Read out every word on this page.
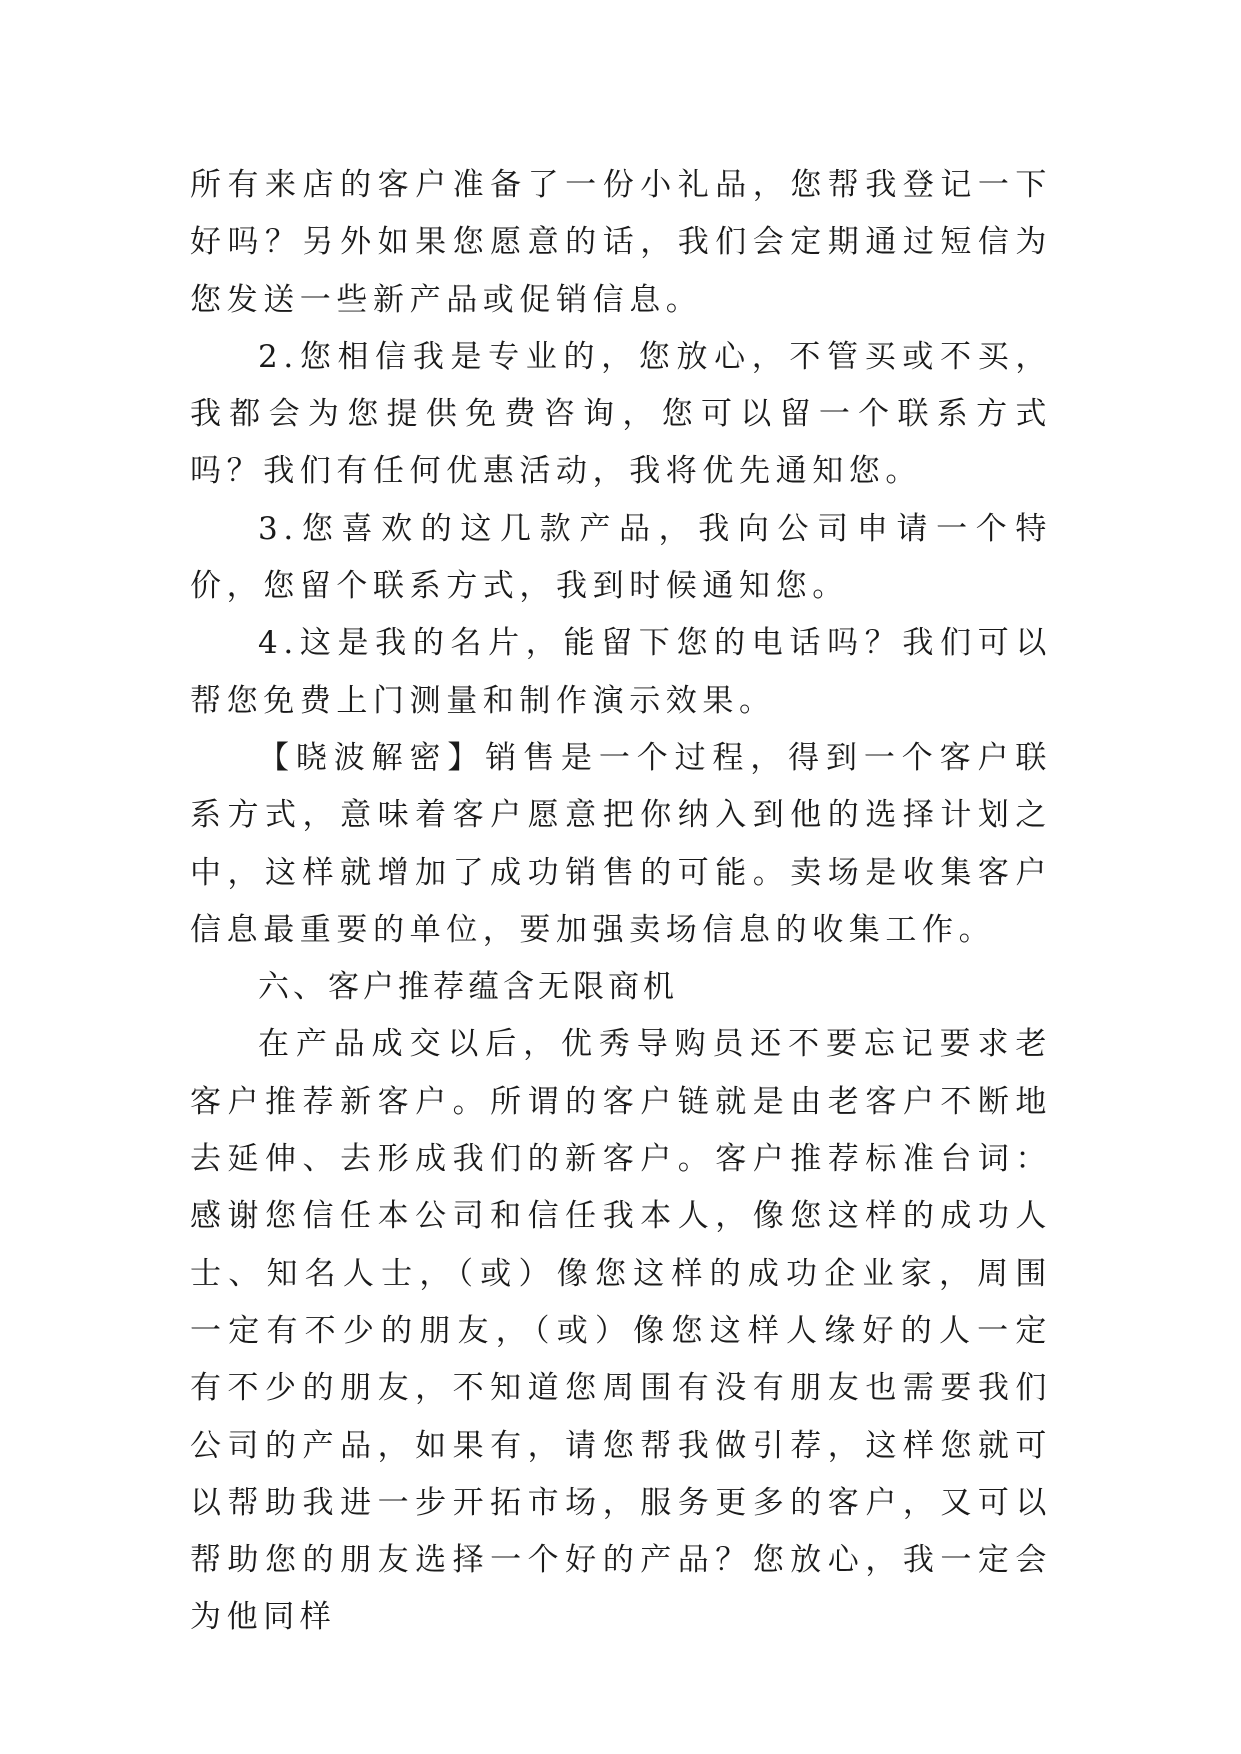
所有来店的客户准备了一份小礼品，您帮我登记一下好吗？另外如果您愿意的话，我们会定期通过短信为您发送一些新产品或促销信息。

2.您相信我是专业的，您放心，不管买或不买，我都会为您提供免费咨询，您可以留一个联系方式吗？我们有任何优惠活动，我将优先通知您。

3.您喜欢的这几款产品，我向公司申请一个特价，您留个联系方式，我到时候通知您。

4.这是我的名片，能留下您的电话吗？我们可以帮您免费上门测量和制作演示效果。

【晓波解密】销售是一个过程，得到一个客户联系方式，意味着客户愿意把你纳入到他的选择计划之中，这样就增加了成功销售的可能。卖场是收集客户信息最重要的单位，要加强卖场信息的收集工作。

六、客户推荐蕴含无限商机

在产品成交以后，优秀导购员还不要忘记要求老客户推荐新客户。所谓的客户链就是由老客户不断地去延伸、去形成我们的新客户。客户推荐标准台词：感谢您信任本公司和信任我本人，像您这样的成功人士、知名人士，（或）像您这样的成功企业家，周围一定有不少的朋友，（或）像您这样人缘好的人一定有不少的朋友，不知道您周围有没有朋友也需要我们公司的产品，如果有，请您帮我做引荐，这样您就可以帮助我进一步开拓市场，服务更多的客户，又可以帮助您的朋友选择一个好的产品？您放心，我一定会为他同样
